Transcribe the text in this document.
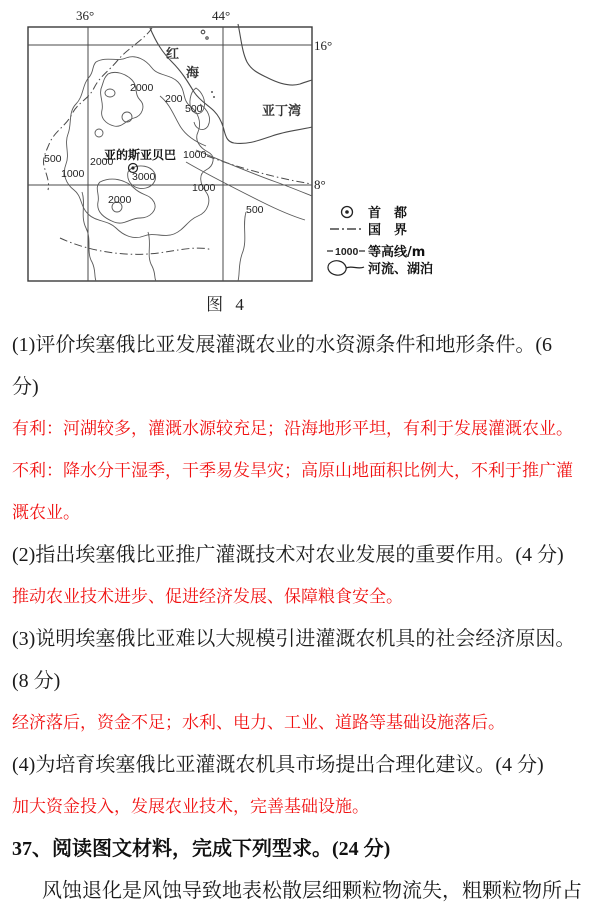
36°	44°
16°
8°
红
海
亚丁湾
2000
200
500
2000
1000
500
1000	3000
2000
1000
500
亚的斯亚贝巴
首　都
国　界
1000 等高线/m
河流、湖泊
图 4
(1)评价埃塞俄比亚发展灌溉农业的水资源条件和地形条件。(6
分)
有利：河湖较多，灌溉水源较充足；沿海地形平坦，有利于发展灌溉农业。
不利：降水分干湿季，干季易发旱灾；高原山地面积比例大，不利于推广灌
溉农业。
(2)指出埃塞俄比亚推广灌溉技术对农业发展的重要作用。(4 分)
推动农业技术进步、促进经济发展、保障粮食安全。
(3)说明埃塞俄比亚难以大规模引进灌溉农机具的社会经济原因。
(8 分)
经济落后，资金不足；水利、电力、工业、道路等基础设施落后。
(4)为培育埃塞俄比亚灌溉农机具市场提出合理化建议。(4 分)
加大资金投入，发展农业技术，完善基础设施。
37、阅读图文材料，完成下列型求。(24 分)
风蚀退化是风蚀导致地表松散层细颗粒物流失，粗颗粒物所占
